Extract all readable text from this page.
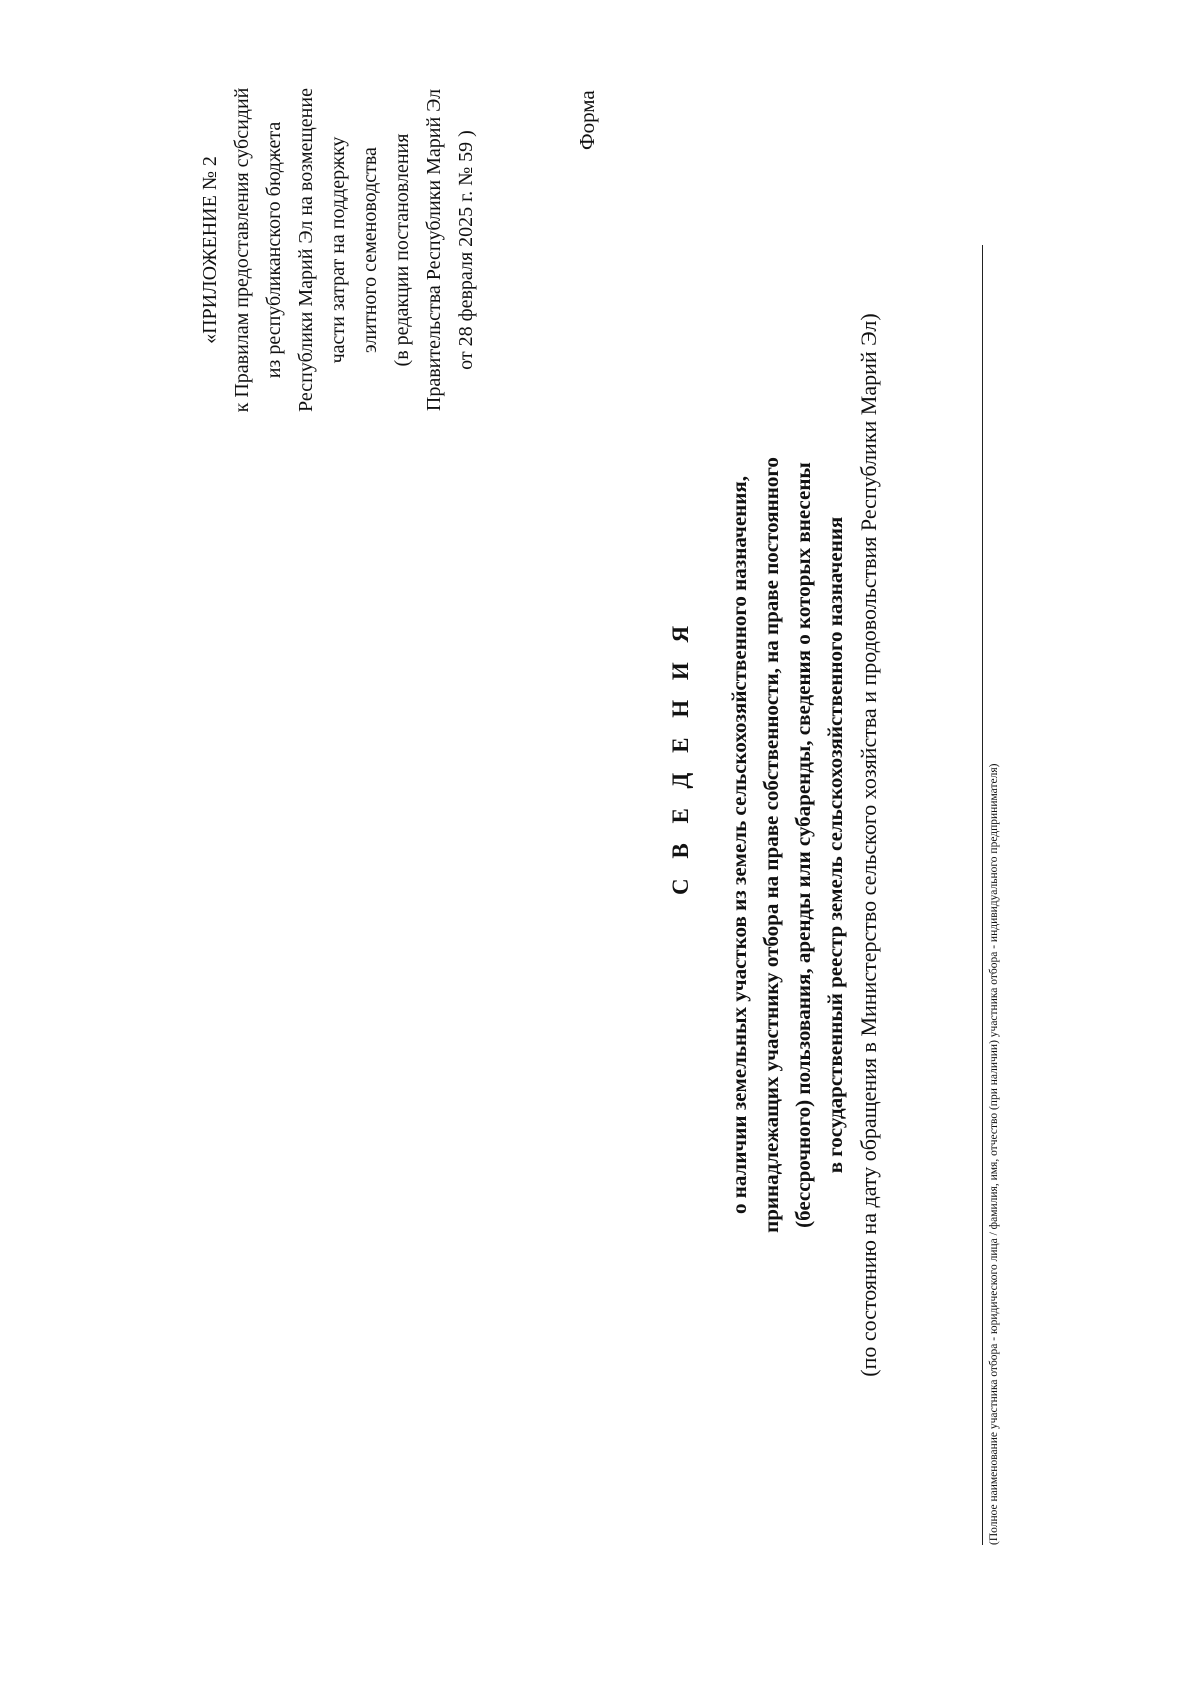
«ПРИЛОЖЕНИЕ № 2 к Правилам предоставления субсидий из республиканского бюджета Республики Марий Эл на возмещение части затрат на поддержку элитного семеноводства (в редакции постановления Правительства Республики Марий Эл от 28 февраля 2025 г. № 59 )
Форма
С В Е Д Е Н И Я о наличии земельных участков из земель сельскохозяйственного назначения, принадлежащих участнику отбора на праве собственности, на праве постоянного (бессрочного) пользования, аренды или субаренды, сведения о которых внесены в государственный реестр земель сельскохозяйственного назначения (по состоянию на дату обращения в Министерство сельского хозяйства и продовольствия Республики Марий Эл)	(Полное наименование участника отбора - юридического лица / фамилия, имя, отчество (при наличии) участника отбора - индивидуального предпринимателя)
